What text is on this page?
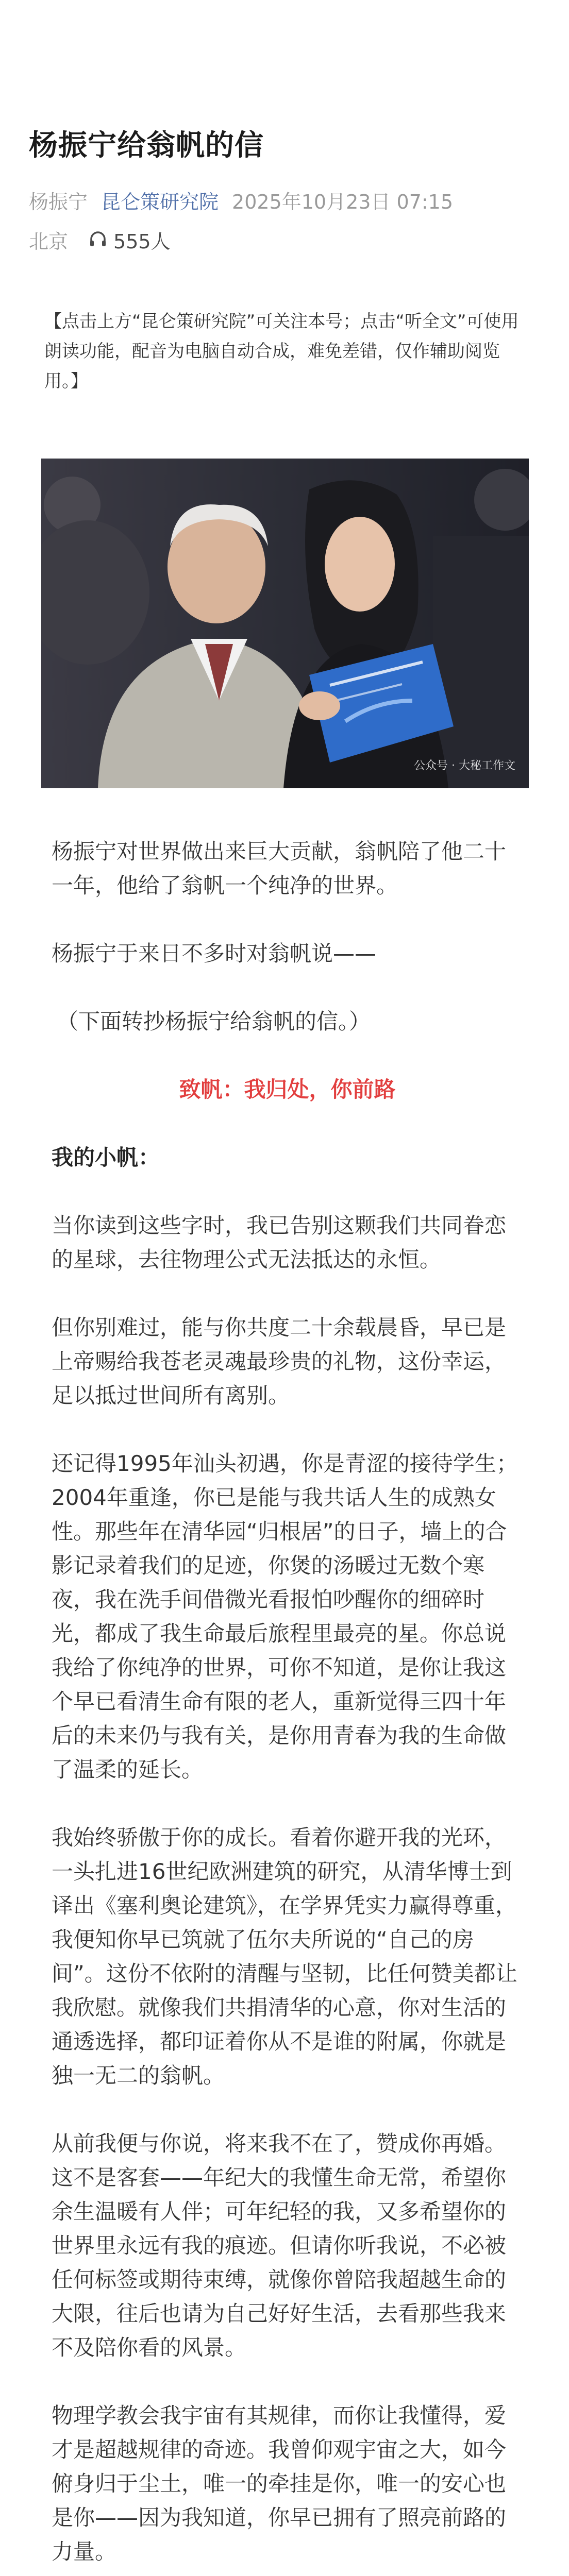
杨振宁给翁帆的信
杨振宁 昆仑策研究院 2025年10月23日 07:15
北京 555人
【点击上方“昆仑策研究院”可关注本号；点击“听全文”可使用朗读功能，配音为电脑自动合成，难免差错，仅作辅助阅览用。】
公众号 · 大秘工作文

杨振宁对世界做出来巨大贡献，翁帆陪了他二十一年，他给了翁帆一个纯净的世界。

杨振宁于来日不多时对翁帆说——

（下面转抄杨振宁给翁帆的信。）

致帆：我归处，你前路

我的小帆：

当你读到这些字时，我已告别这颗我们共同眷恋的星球，去往物理公式无法抵达的永恒。

但你别难过，能与你共度二十余载晨昏，早已是上帝赐给我苍老灵魂最珍贵的礼物，这份幸运，足以抵过世间所有离别。

还记得1995年汕头初遇，你是青涩的接待学生；2004年重逢，你已是能与我共话人生的成熟女性。那些年在清华园“归根居”的日子，墙上的合影记录着我们的足迹，你煲的汤暖过无数个寒夜，我在洗手间借微光看报怕吵醒你的细碎时光，都成了我生命最后旅程里最亮的星。你总说我给了你纯净的世界，可你不知道，是你让我这个早已看清生命有限的老人，重新觉得三四十年后的未来仍与我有关，是你用青春为我的生命做了温柔的延长。

我始终骄傲于你的成长。看着你避开我的光环，一头扎进16世纪欧洲建筑的研究，从清华博士到译出《塞利奥论建筑》，在学界凭实力赢得尊重，我便知你早已筑就了伍尔夫所说的“自己的房间”。这份不依附的清醒与坚韧，比任何赞美都让我欣慰。就像我们共捐清华的心意，你对生活的通透选择，都印证着你从不是谁的附属，你就是独一无二的翁帆。

从前我便与你说，将来我不在了，赞成你再婚。这不是客套——年纪大的我懂生命无常，希望你余生温暖有人伴；可年纪轻的我，又多希望你的世界里永远有我的痕迹。但请你听我说，不必被任何标签或期待束缚，就像你曾陪我超越生命的大限，往后也请为自己好好生活，去看那些我来不及陪你看的风景。

物理学教会我宇宙有其规律，而你让我懂得，爱才是超越规律的奇迹。我曾仰观宇宙之大，如今俯身归于尘土，唯一的牵挂是你，唯一的安心也是你——因为我知道，你早已拥有了照亮前路的力量。
